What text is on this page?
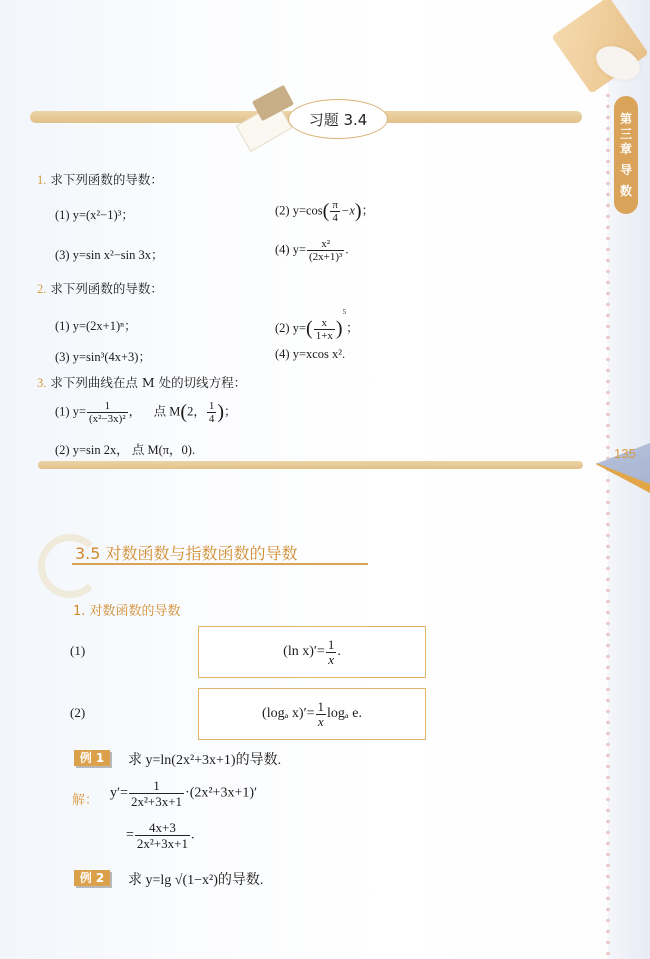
第
三
章
导
数
135
习题 3.4
1. 求下列函数的导数：
(1) y=(x²−1)³；	(2) $y=\cos( \frac{\pi}{4} -x)$；
(3) y=sin x²−sin 3x；	(4) $y= \frac{\text{x²}}{\text{(2x+1)³}}$ .
2. 求下列函数的导数：
(1) y=(2x+1)ⁿ；	(2) $y=( \frac{x}{1+x} )^5$；
(3) y=sin³(4x+3)；	(4) y=xcos x².
3. 求下列曲线在点 M 处的切线方程：
(1) $y= \frac{1}{\text{(x²−3x)²}}$ ，    点 M(2， $\frac{1}{4}$ )；
(2) y=sin 2x， 点 M(π，0).
3.5 对数函数与指数函数的导数
1. 对数函数的导数
(1)	(ln $x)'= \frac{1}{x}$ .
(2)	(logₐ $x)'= \frac{1}{x}$ logₐ e.
例 1	求 y=ln(2x²+3x+1)的导数.
解： $y'= \frac{1}{\text{2x²+3x+1}} \cdot(2x^2+3x+1)'$
= $\frac{4x+3}{\text{2x²+3x+1}}$ .
例 2	求 y=lg √(1−x²)的导数.
